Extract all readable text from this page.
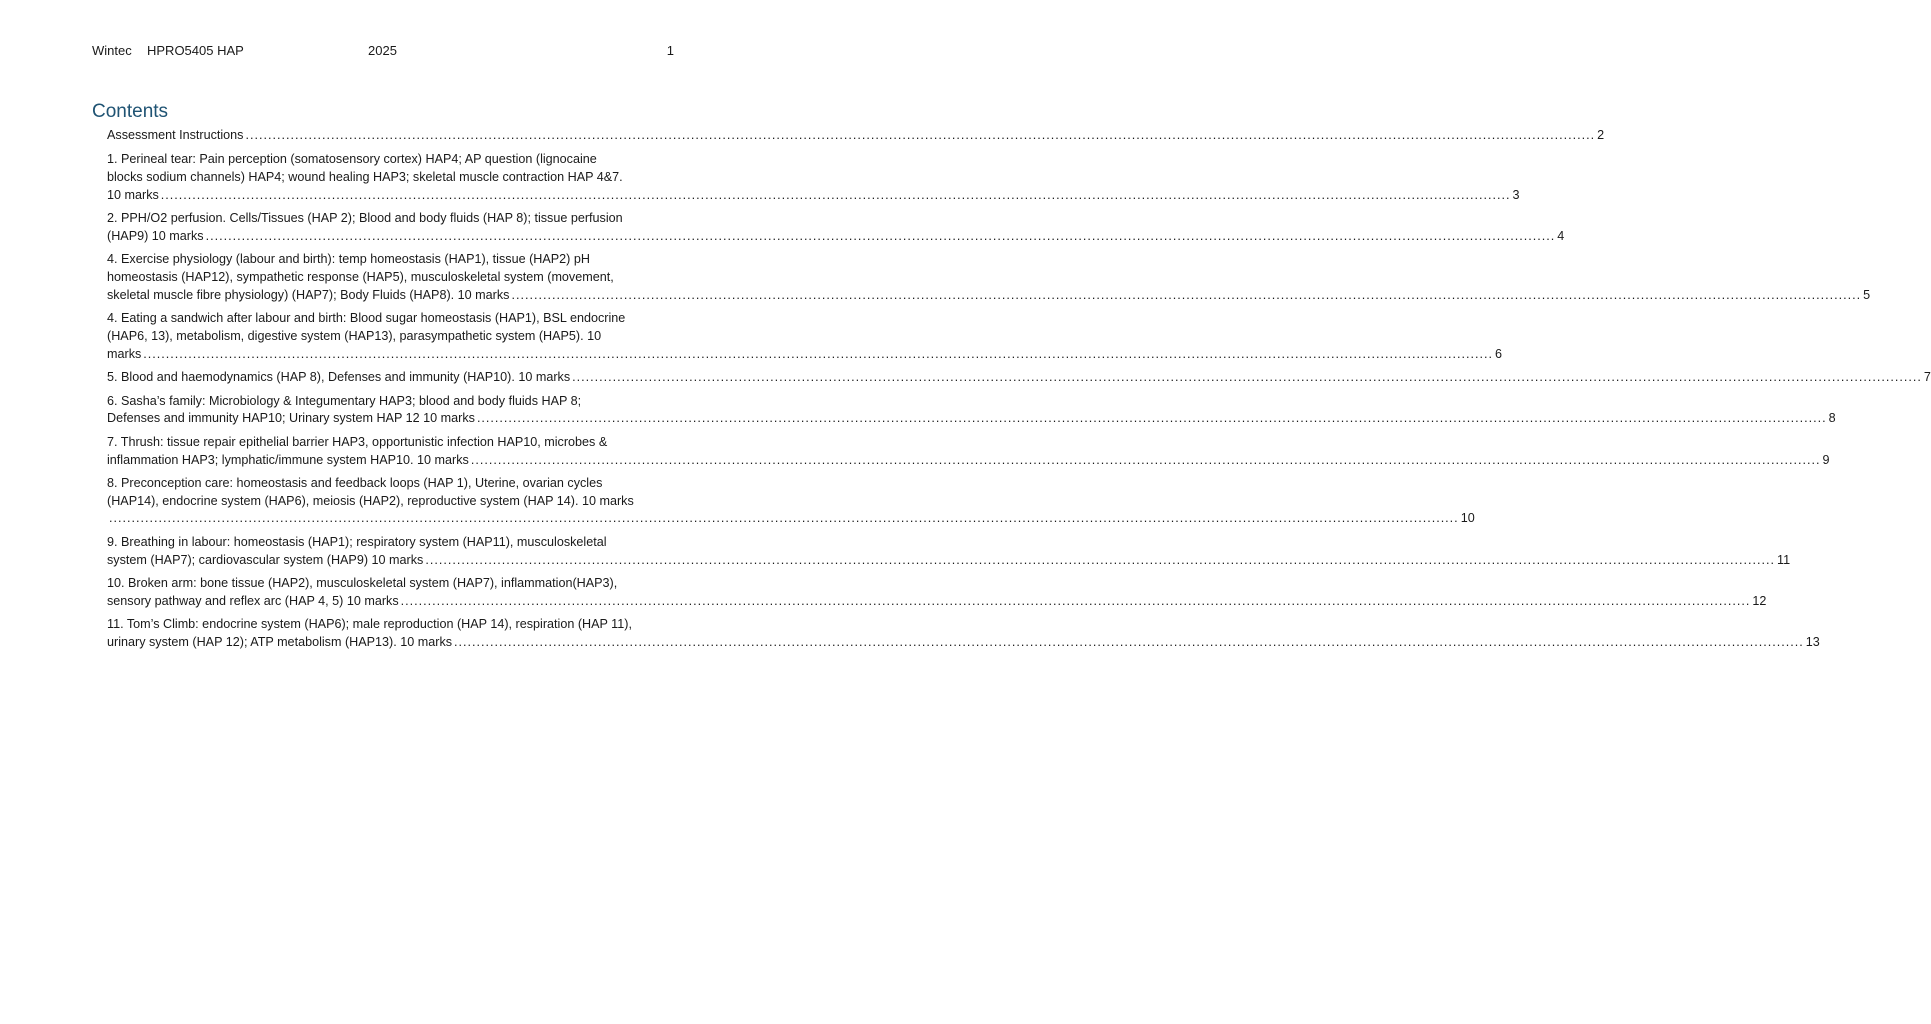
Wintec HPRO5405 HAP	2025	1
Contents
Assessment Instructions ............................................................................................................................................................................................................................................................................................................ 2
1. Perineal tear: Pain perception (somatosensory cortex) HAP4; AP question (lignocaine
blocks sodium channels) HAP4; wound healing HAP3; skeletal muscle contraction HAP 4&7.
10 marks ............................................................................................................................................................................................................................................................................................................ 3
2. PPH/O2 perfusion. Cells/Tissues (HAP 2); Blood and body fluids (HAP 8); tissue perfusion
(HAP9) 10 marks ............................................................................................................................................................................................................................................................................................................ 4
4. Exercise physiology (labour and birth): temp homeostasis (HAP1), tissue (HAP2) pH
homeostasis (HAP12), sympathetic response (HAP5), musculoskeletal system (movement,
skeletal muscle fibre physiology) (HAP7); Body Fluids (HAP8). 10 marks ............................................................................................................................................................................................................................................................................................................ 5
4. Eating a sandwich after labour and birth: Blood sugar homeostasis (HAP1), BSL endocrine
(HAP6, 13), metabolism, digestive system (HAP13), parasympathetic system (HAP5). 10
marks ............................................................................................................................................................................................................................................................................................................ 6
5. Blood and haemodynamics (HAP 8), Defenses and immunity (HAP10). 10 marks ............................................................................................................................................................................................................................................................................................................ 7
6. Sasha’s family: Microbiology & Integumentary HAP3; blood and body fluids HAP 8;
Defenses and immunity HAP10; Urinary system HAP 12 10 marks ............................................................................................................................................................................................................................................................................................................ 8
7. Thrush: tissue repair epithelial barrier HAP3, opportunistic infection HAP10, microbes &
inflammation HAP3; lymphatic/immune system HAP10. 10 marks ............................................................................................................................................................................................................................................................................................................ 9
8. Preconception care: homeostasis and feedback loops (HAP 1), Uterine, ovarian cycles
(HAP14), endocrine system (HAP6), meiosis (HAP2), reproductive system (HAP 14). 10 marks
............................................................................................................................................................................................................................................................................................................ 10
9. Breathing in labour: homeostasis (HAP1); respiratory system (HAP11), musculoskeletal
system (HAP7); cardiovascular system (HAP9) 10 marks ............................................................................................................................................................................................................................................................................................................ 11
10. Broken arm: bone tissue (HAP2), musculoskeletal system (HAP7), inflammation(HAP3),
sensory pathway and reflex arc (HAP 4, 5) 10 marks ............................................................................................................................................................................................................................................................................................................ 12
11. Tom’s Climb: endocrine system (HAP6); male reproduction (HAP 14), respiration (HAP 11),
urinary system (HAP 12); ATP metabolism (HAP13). 10 marks ............................................................................................................................................................................................................................................................................................................ 13
